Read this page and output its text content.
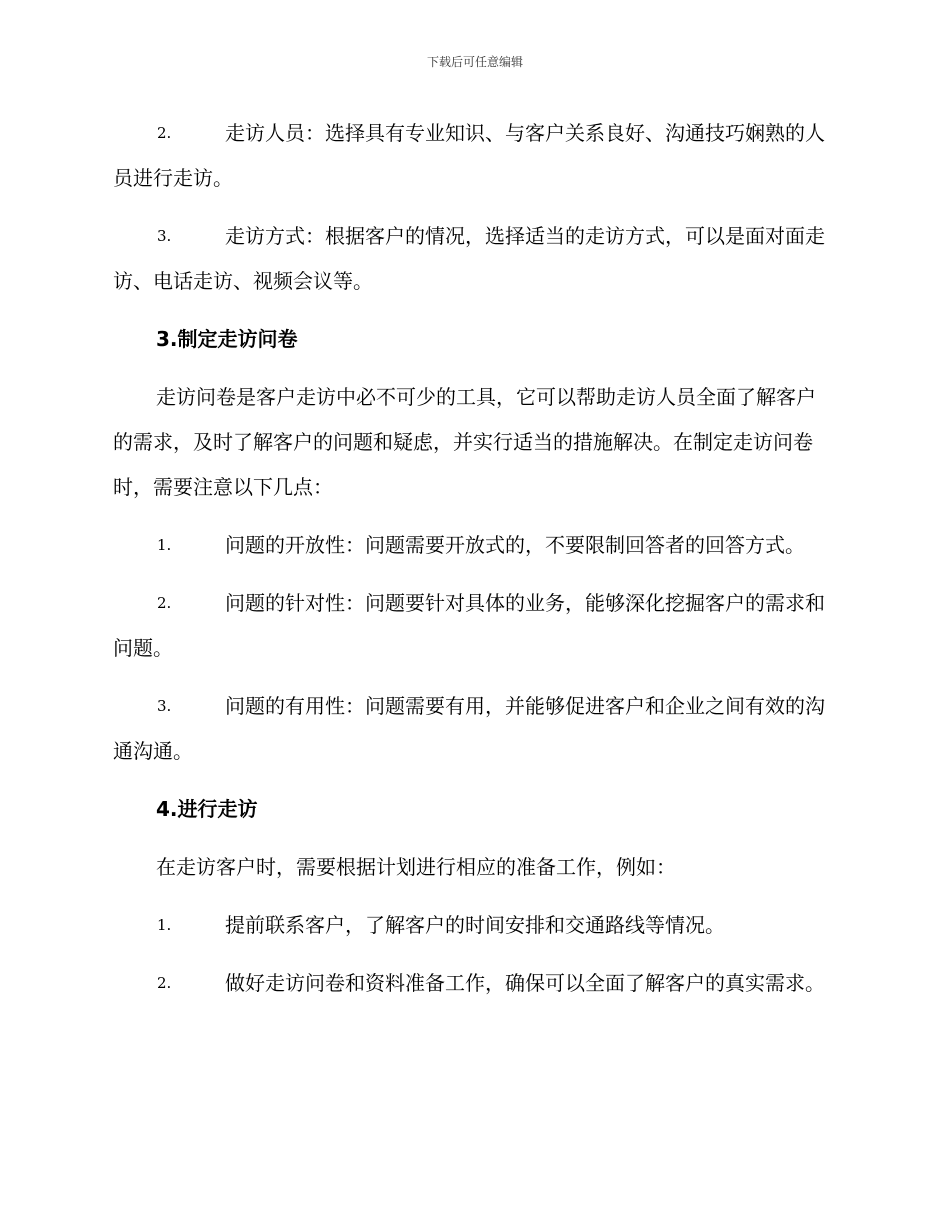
下载后可任意编辑
2.	走访人员：选择具有专业知识、与客户关系良好、沟通技巧娴熟的人员进行走访。
3.	走访方式：根据客户的情况，选择适当的走访方式，可以是面对面走访、电话走访、视频会议等。
3.制定走访问卷
走访问卷是客户走访中必不可少的工具，它可以帮助走访人员全面了解客户的需求，及时了解客户的问题和疑虑，并实行适当的措施解决。在制定走访问卷时，需要注意以下几点：
1.	问题的开放性：问题需要开放式的，不要限制回答者的回答方式。
2.	问题的针对性：问题要针对具体的业务，能够深化挖掘客户的需求和问题。
3.	问题的有用性：问题需要有用，并能够促进客户和企业之间有效的沟通沟通。
4.进行走访
在走访客户时，需要根据计划进行相应的准备工作，例如：
1.	提前联系客户，了解客户的时间安排和交通路线等情况。
2.	做好走访问卷和资料准备工作，确保可以全面了解客户的真实需求。
